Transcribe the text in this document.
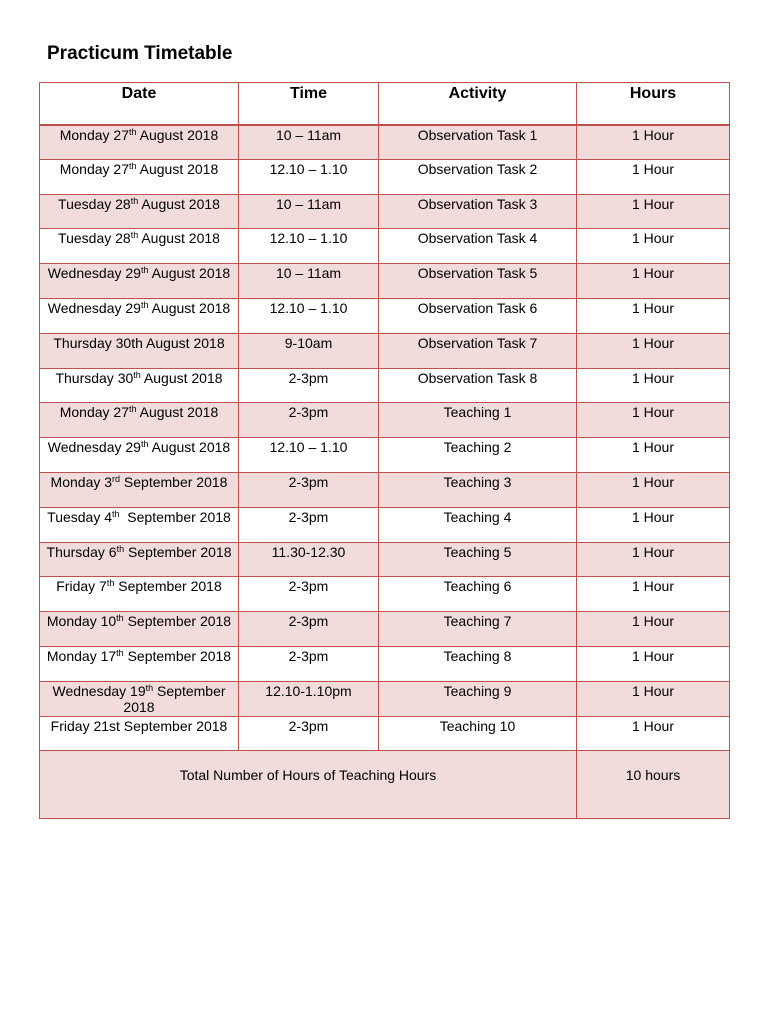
Practicum Timetable
Date	Time	Activity	Hours
Monday 27th August 2018	10 – 11am	Observation Task 1	1 Hour
Monday 27th August 2018	12.10 – 1.10	Observation Task 2	1 Hour
Tuesday 28th August 2018	10 – 11am	Observation Task 3	1 Hour
Tuesday 28th August 2018	12.10 – 1.10	Observation Task 4	1 Hour
Wednesday 29th August 2018	10 – 11am	Observation Task 5	1 Hour
Wednesday 29th August 2018	12.10 – 1.10	Observation Task 6	1 Hour
Thursday 30th August 2018	9-10am	Observation Task 7	1 Hour
Thursday 30th August 2018	2-3pm	Observation Task 8	1 Hour
Monday 27th August 2018	2-3pm	Teaching 1	1 Hour
Wednesday 29th August 2018	12.10 – 1.10	Teaching 2	1 Hour
Monday 3rd September 2018	2-3pm	Teaching 3	1 Hour
Tuesday 4th  September 2018	2-3pm	Teaching 4	1 Hour
Thursday 6th September 2018	11.30-12.30	Teaching 5	1 Hour
Friday 7th September 2018	2-3pm	Teaching 6	1 Hour
Monday 10th September 2018	2-3pm	Teaching 7	1 Hour
Monday 17th September 2018	2-3pm	Teaching 8	1 Hour
Wednesday 19th September 2018	12.10-1.10pm	Teaching 9	1 Hour
Friday 21st September 2018	2-3pm	Teaching 10	1 Hour
Total Number of Hours of Teaching Hours			10 hours
